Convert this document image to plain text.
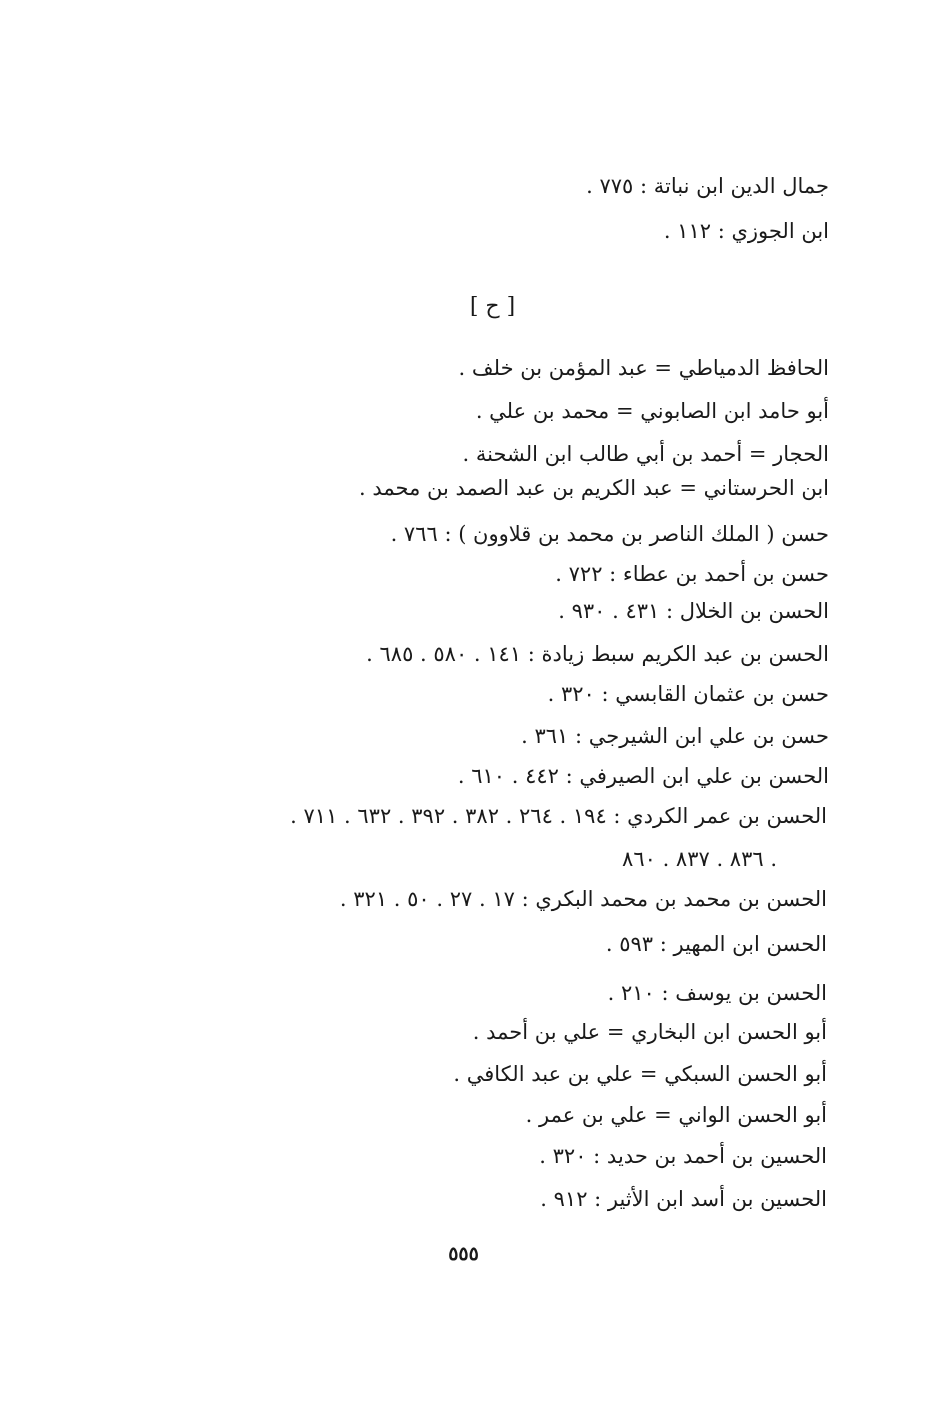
جمال الدين ابن نباتة : ٧٧٥ .
ابن الجوزي : ١١٢ .
[ ح ]
الحافظ الدمياطي = عبد المؤمن بن خلف .
أبو حامد ابن الصابوني = محمد بن علي .
الحجار = أحمد بن أبي طالب ابن الشحنة .
ابن الحرستاني = عبد الكريم بن عبد الصمد بن محمد .
حسن ( الملك الناصر بن محمد بن قلاوون ) : ٧٦٦ .
حسن بن أحمد بن عطاء : ٧٢٢ .
الحسن بن الخلال : ٤٣١ . ٩٣٠ .
الحسن بن عبد الكريم سبط زيادة : ١٤١ . ٥٨٠ . ٦٨٥ .
حسن بن عثمان القابسي : ٣٢٠ .
حسن بن علي ابن الشيرجي : ٣٦١ .
الحسن بن علي ابن الصيرفي : ٤٤٢ . ٦١٠ .
الحسن بن عمر الكردي : ١٩٤ . ٢٦٤ . ٣٨٢ . ٣٩٢ . ٦٣٢ . ٧١١ .
٨٣٦ . ٨٣٧ . ٨٦٠ .
الحسن بن محمد بن محمد البكري : ١٧ . ٢٧ . ٥٠ . ٣٢١ .
الحسن ابن المهير : ٥٩٣ .
الحسن بن يوسف : ٢١٠ .
أبو الحسن ابن البخاري = علي بن أحمد .
أبو الحسن السبكي = علي بن عبد الكافي .
أبو الحسن الواني = علي بن عمر .
الحسين بن أحمد بن حديد : ٣٢٠ .
الحسين بن أسد ابن الأثير : ٩١٢ .
٥٥٥
